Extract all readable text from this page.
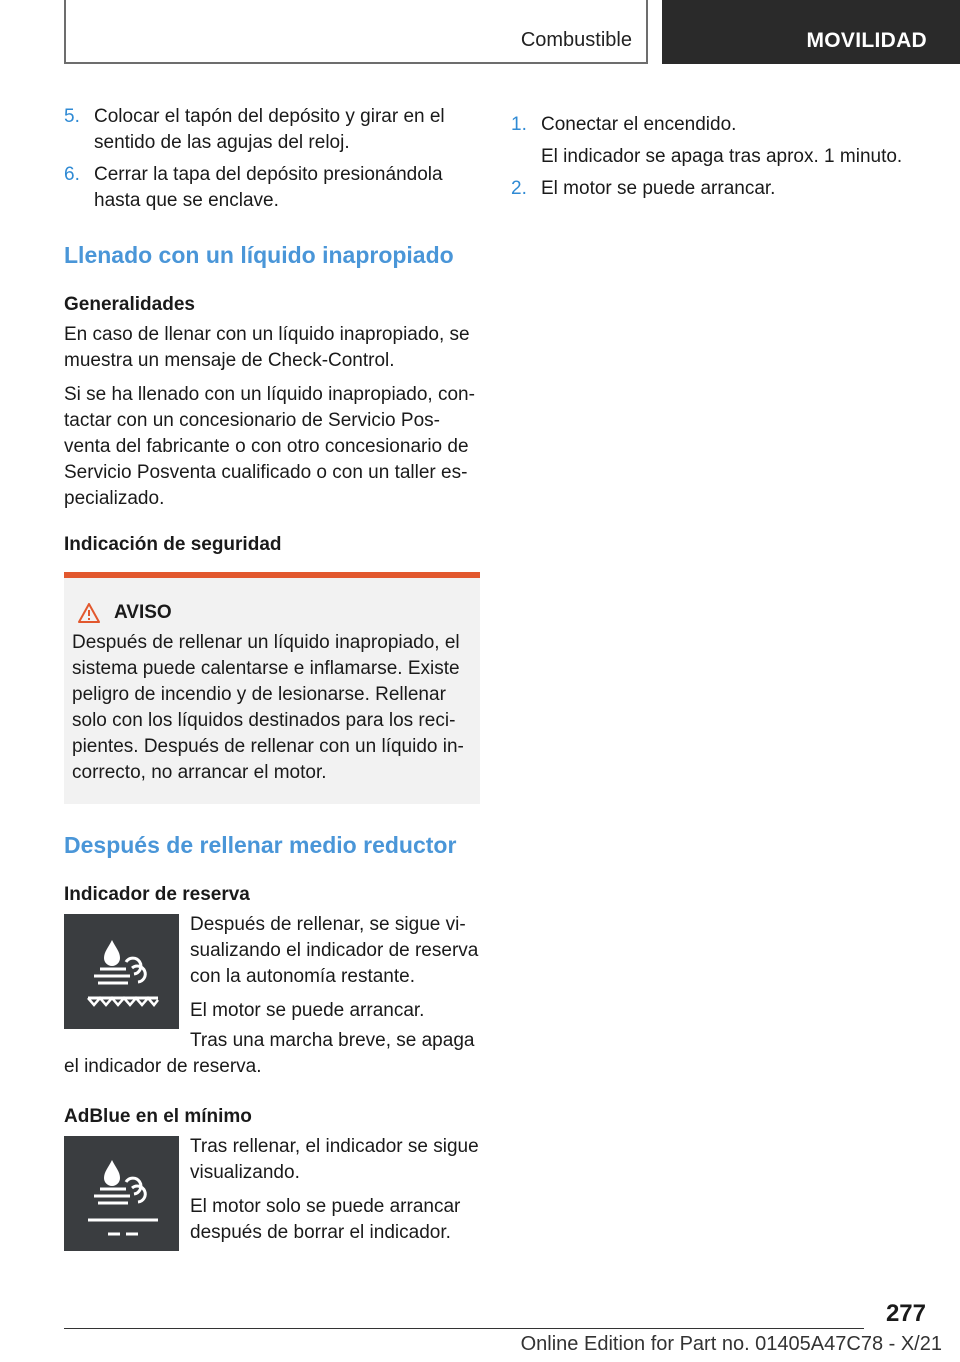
Combustible	MOVILIDAD
5. Colocar el tapón del depósito y girar en el sentido de las agujas del reloj.
6. Cerrar la tapa del depósito presionándola hasta que se enclave.
Llenado con un líquido inapropiado
Generalidades

En caso de llenar con un líquido inapropiado, se muestra un mensaje de Check-Control.

Si se ha llenado con un líquido inapropiado, contactar con un concesionario de Servicio Posventa del fabricante o con otro concesionario de Servicio Posventa cualificado o con un taller especializado.

Indicación de seguridad
AVISO
Después de rellenar un líquido inapropiado, el sistema puede calentarse e inflamarse. Existe peligro de incendio y de lesionarse. Rellenar solo con los líquidos destinados para los recipientes. Después de rellenar con un líquido incorrecto, no arrancar el motor.
Después de rellenar medio reductor
Indicador de reserva

Después de rellenar, se sigue visualizando el indicador de reserva con la autonomía restante.

El motor se puede arrancar.

Tras una marcha breve, se apaga el indicador de reserva.

AdBlue en el mínimo

Tras rellenar, el indicador se sigue visualizando.

El motor solo se puede arrancar después de borrar el indicador.

1. Conectar el encendido.
El indicador se apaga tras aprox. 1 minuto.
2. El motor se puede arrancar.
277
Online Edition for Part no. 01405A47C78 - X/21
